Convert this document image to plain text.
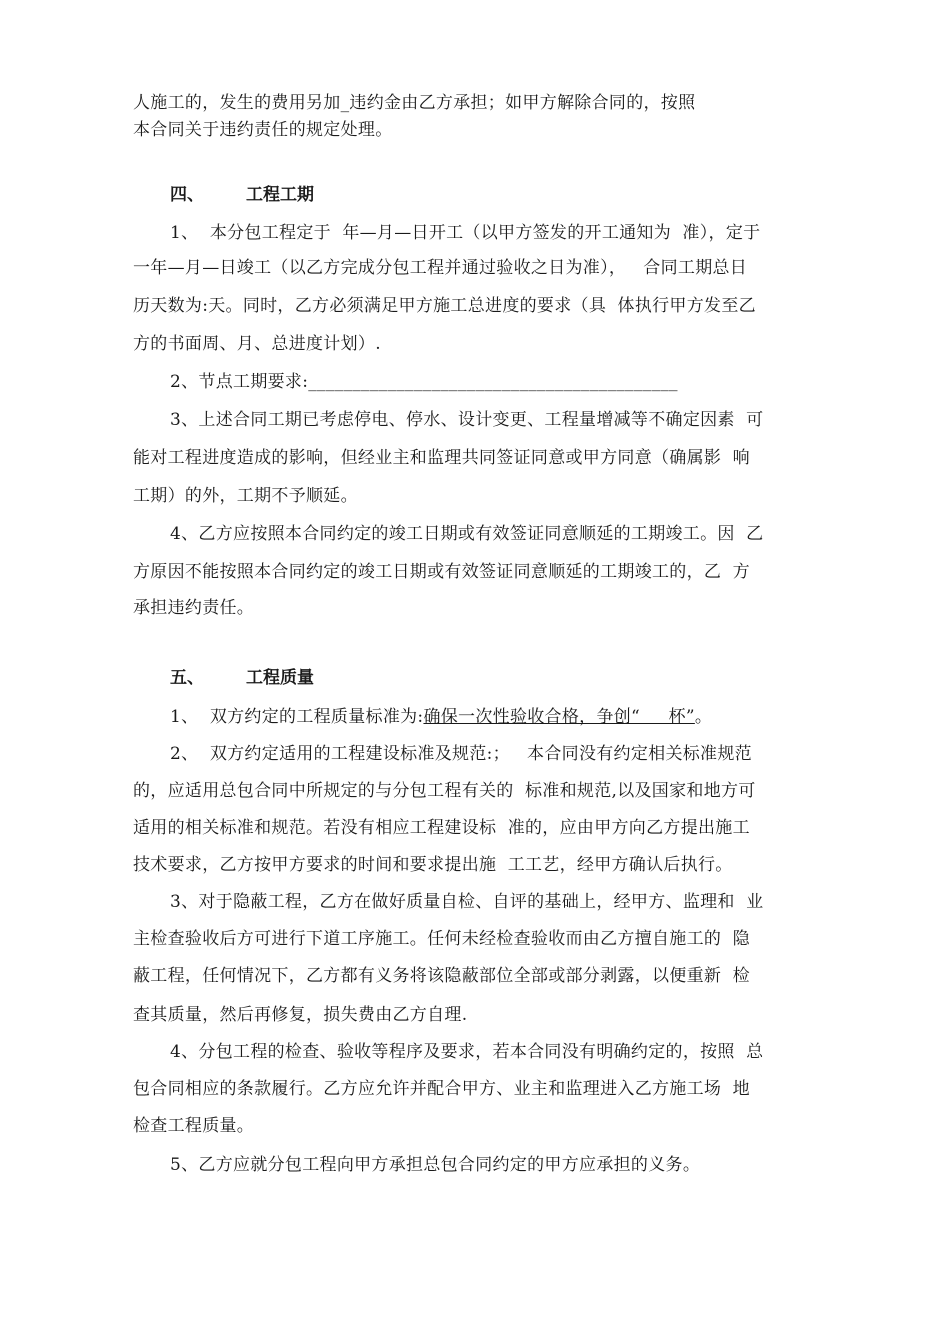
人施工的，发生的费用另加_违约金由乙方承担；如甲方解除合同的，按照
本合同关于违约责任的规定处理。
四、 工程工期
1、  本分包工程定于  年—月—日开工（以甲方签发的开工通知为  准），定于
一年—月—日竣工（以乙方完成分包工程并通过验收之日为准），   合同工期总日
历天数为:天。同时，乙方必须满足甲方施工总进度的要求（具  体执行甲方发至乙
方的书面周、月、总进度计划）.
2、节点工期要求:__________________________________________
3、上述合同工期已考虑停电、停水、设计变更、工程量增减等不确定因素  可
能对工程进度造成的影响，但经业主和监理共同签证同意或甲方同意（确属影  响
工期）的外，工期不予顺延。
4、乙方应按照本合同约定的竣工日期或有效签证同意顺延的工期竣工。因  乙
方原因不能按照本合同约定的竣工日期或有效签证同意顺延的工期竣工的，乙  方
承担违约责任。
五、 工程质量
1、  双方约定的工程质量标准为:确保一次性验收合格，争创“     杯”。
2、  双方约定适用的工程建设标准及规范:；   本合同没有约定相关标准规范
的，应适用总包合同中所规定的与分包工程有关的  标准和规范,以及国家和地方可
适用的相关标准和规范。若没有相应工程建设标  准的，应由甲方向乙方提出施工
技术要求，乙方按甲方要求的时间和要求提出施  工工艺，经甲方确认后执行。
3、对于隐蔽工程，乙方在做好质量自检、自评的基础上，经甲方、监理和  业
主检查验收后方可进行下道工序施工。任何未经检查验收而由乙方擅自施工的  隐
蔽工程，任何情况下，乙方都有义务将该隐蔽部位全部或部分剥露，以便重新  检
查其质量，然后再修复，损失费由乙方自理.
4、分包工程的检查、验收等程序及要求，若本合同没有明确约定的，按照  总
包合同相应的条款履行。乙方应允许并配合甲方、业主和监理进入乙方施工场  地
检查工程质量。
5、乙方应就分包工程向甲方承担总包合同约定的甲方应承担的义务。
